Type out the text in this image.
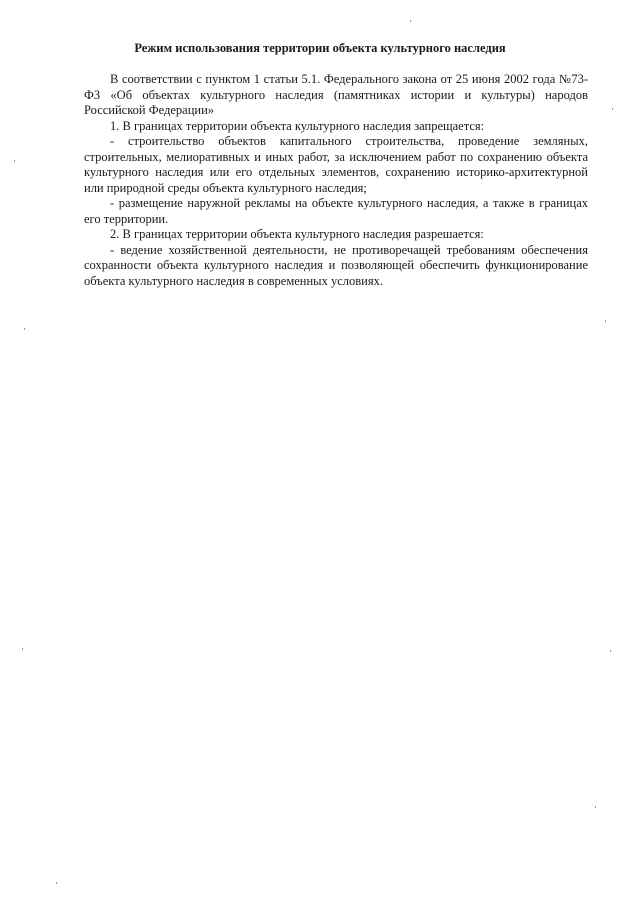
Режим использования территории объекта культурного наследия

В соответствии с пунктом 1 статьи 5.1. Федерального закона от 25 июня 2002 года №73-ФЗ «Об объектах культурного наследия (памятниках истории и культуры) народов Российской Федерации»

1. В границах территории объекта культурного наследия запрещается:

- строительство объектов капитального строительства, проведение земляных, строительных, мелиоративных и иных работ, за исключением работ по сохранению объекта культурного наследия или его отдельных элементов, сохранению историко-архитектурной или природной среды объекта культурного наследия;

- размещение наружной рекламы на объекте культурного наследия, а также в границах его территории.

2. В границах территории объекта культурного наследия разрешается:

- ведение хозяйственной деятельности, не противоречащей требованиям обеспечения сохранности объекта культурного наследия и позволяющей обеспечить функционирование объекта культурного наследия в современных условиях.
